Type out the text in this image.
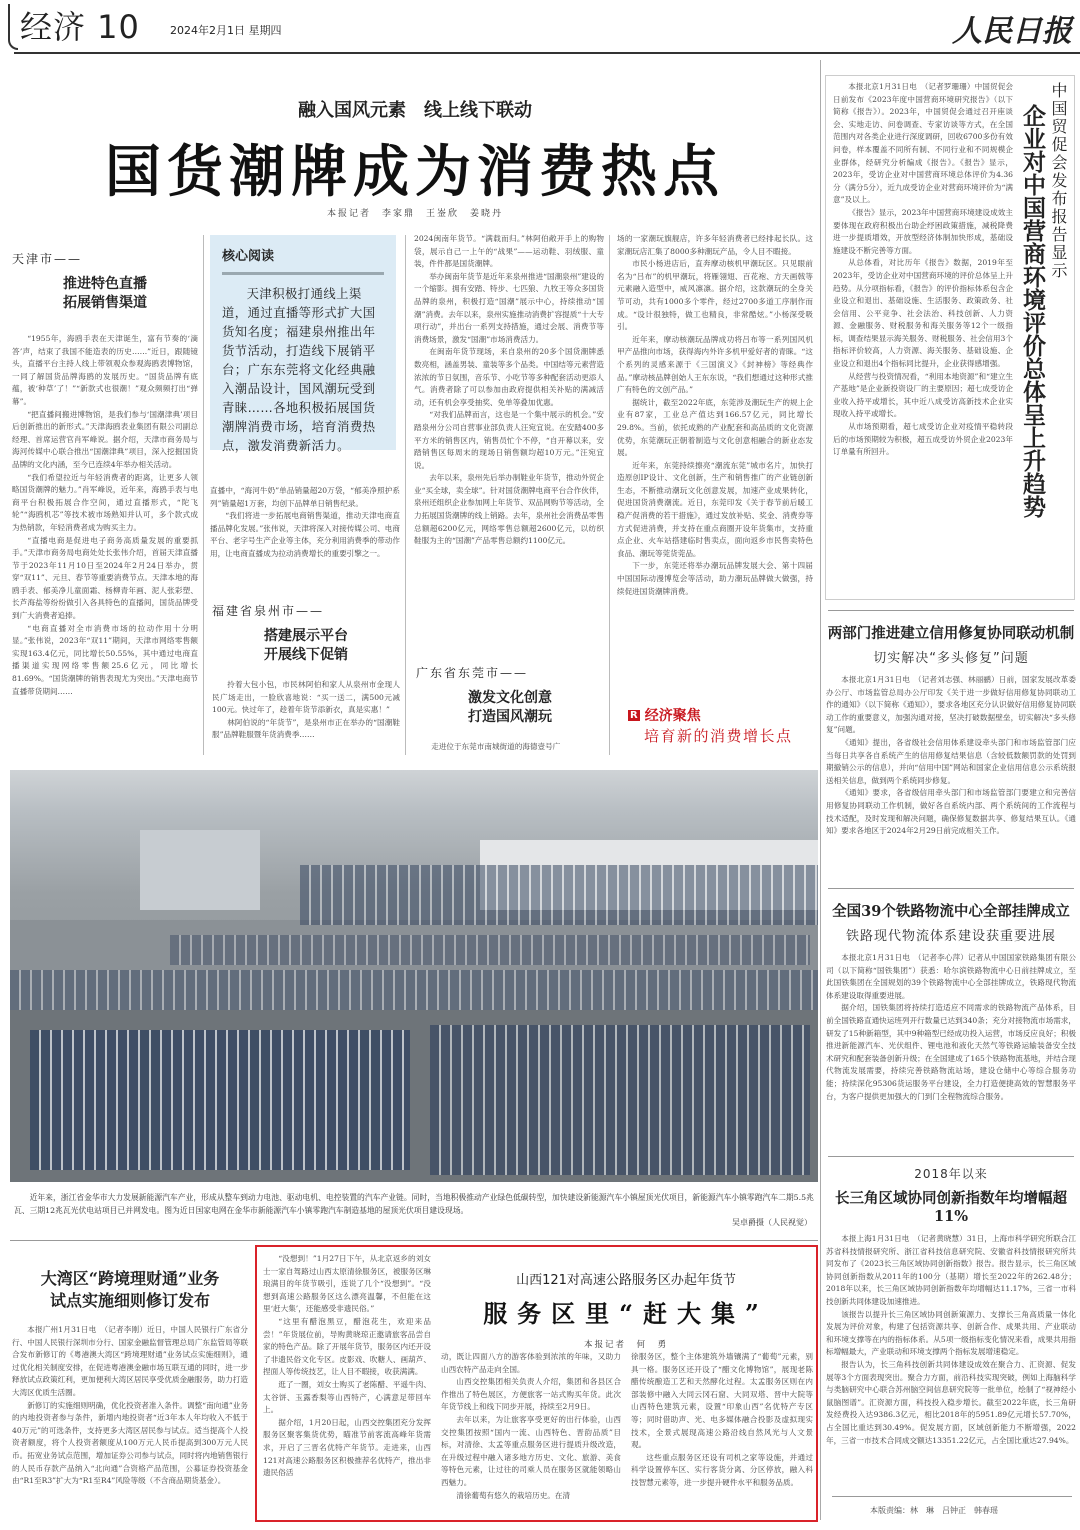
经济 10	2024年2月1日 星期四	人民日报
融入国风元素　线上线下联动
国货潮牌成为消费热点
本报记者　李家鼎　王崟欣　姜晓丹
天津市——
推进特色直播
拓展销售渠道

“1955年，海鸥手表在天津诞生，富有节奏的‘滴答’声，结束了我国不能造表的历史……”近日，跟随镜头，直播平台主持人线上带领观众参观海鸥表博物馆，一同了解国货品牌海鸥的发展历史。“国货品牌有底蕴，被‘种草’了！”“新款式也很潮！”观众频频打出“弹幕”。

“把直播间搬进博物馆，是我们参与‘国潮津典’项目后创新推出的新形式。”天津海鸥表业集团有限公司副总经理、首席运营官肖军峰说。据介绍，天津市商务局与海河传媒中心联合推出“国潮津典”项目，深入挖掘国货品牌的文化内涵，至今已连续4年举办相关活动。

“我们希望拉近与年轻消费者的距离，让更多人领略国货潮牌的魅力。”肖军峰说，近年来，海鸥手表与电商平台积极拓展合作空间，通过直播形式，“陀飞轮”“海鸥机芯”等技术被市场熟知并认可，多个款式成为热销款，年轻消费者成为购买主力。

“直播电商是促进电子商务高质量发展的重要抓手。”天津市商务局电商处处长张伟介绍，首届天津直播节于2023年11月10日至2024年2月24日举办，贯穿“双11”、元旦、春节等重要消费节点。天津本地的海鸥手表、郁美净儿童面霜、杨柳青年画、泥人张彩塑、长芦海盐等纷纷做引入各具特色的直播间，国货品牌受到广大消费者追捧。

“电商直播对全市消费市场的拉动作用十分明显。”张伟说，2023年“双11”期间，天津市网络零售额实现163.4亿元，同比增长50.55%，其中通过电商直播渠道实现网络零售额25.6亿元，同比增长81.69%。“国货潮牌的销售表现尤为突出。”天津电商节直播带货期间……

核心阅读
天津积极打通线上渠道，通过直播等形式扩大国货知名度；福建泉州推出年货节活动，打造线下展销平台；广东东莞将文化经典融入潮品设计，国风潮玩受到青睐……各地积极拓展国货潮牌消费市场，培育消费热点，激发消费新活力。

直播中，“海河牛奶”单品销量超20万袋，“郁美净照护系列”销量超1万套，均创下品牌单日销售纪录。

“我们将进一步拓展电商销售渠道，推动天津电商直播品牌化发展。”张伟说，天津将深入对接传媒公司、电商平台、老字号生产企业等主体，充分利用消费季的带动作用，让电商直播成为拉动消费增长的重要引擎之一。

福建省泉州市——
搭建展示平台
开展线下促销

拎着大包小包，市民林阿伯和家人从泉州市金现人民广场走出，一脸欣喜地说：“买一送二，满500元减100元。快过年了，趁着年货节添新衣，真是实惠！”

林阿伯说的“年货节”，是泉州市正在举办的“国潮鞋服”品牌鞋服暨年货消费季……

2024闽南年货节。“满载而归。”林阿伯敞开手上的购物袋，展示自己一上午的“战果”——运动鞋、羽绒服、童装，件件都是国货潮牌。

举办闽南年货节是近年来泉州推进“国潮泉州”建设的一个缩影。拥有安踏、特步、七匹狼、九牧王等众多国货品牌的泉州，积极打造“国潮”展示中心，持续推动“国潮”消费。去年以来，泉州实施推动消费扩容提质“十大专项行动”，并出台一系列支持措施，通过会展、消费节等消费场景，激发“国潮”市场消费活力。

在闽南年货节现场，来自泉州的20多个国货潮牌悉数亮相，涵盖男装、童装等多个品类。中国结等元素营造浓浓的节日氛围，音乐节、小吃节等多种配套活动更添人气。消费者除了可以参加由政府提供相关补贴的满减活动，还有机会享受抽奖、免单等叠加优惠。

“对我们品牌而言，这也是一个集中展示的机会。”安踏泉州分公司自营事业部负责人汪宛宜说。在安踏400多平方米的销售区内，销售员忙个不停，“自开幕以来，安踏销售区每周末的现场日销售额均超10万元。”汪宛宜说。

去年以来，泉州先后举办制鞋业年货节，推动外贸企业“买全球，卖全球”。针对国货潮牌电商平台合作伙伴，泉州还组织企业参加网上年货节、双品网购节等活动，全力拓展国货潮牌的线上销路。去年，泉州社会消费品零售总额超6200亿元，网络零售总额超2600亿元，以纺织鞋服为主的“国潮”产品零售总额约1100亿元。

广东省东莞市——
激发文化创意
打造国风潮玩

走进位于东莞市南城街道的海德壹号广

场的一家潮玩旗舰店，许多年轻消费者已经排起长队。这家潮玩店汇集了8000多种潮玩产品，令人目不暇接。

市民小杨进店后，直奔摩动核机甲潮玩区。只见眼前名为“吕布”的机甲潮玩，将雁翎翅、百花袍、方天画戟等元素融入造型中，威风凛凛。据介绍，这款潮玩的全身关节可动，共有1000多个零件，经过2700多道工序制作而成。“设计很独特，做工也精良，非常酷炫。”小杨深受吸引。

近年来，摩动核潮玩品牌成功将吕布等一系列国风机甲产品推向市场，获得海内外许多机甲爱好者的青睐。“这个系列的灵感来源于《三国演义》《封神榜》等经典作品。”摩动核品牌创始人王东东说，“我们想通过这种形式推广有特色的文创产品。”

据统计，截至2022年底，东莞涉及潮玩生产的规上企业有87家，工业总产值达到166.57亿元，同比增长29.8%。当前，依托成熟的产业配套和高品质的文化资源优势，东莞潮玩正朝着制造与文化创意相融合的新业态发展。

近年来，东莞持续擦亮“潮流东莞”城市名片，加快打造原创IP设计、文化创新，生产和销售推广的产业链创新生态，不断推动潮玩文化创意发展，加速产业成果转化，促进国货消费潮流。近日，东莞印发《关于春节前后暖工稳产促消费的若干措施》，通过发放补贴、奖金、消费券等方式促进消费，并支持在重点商圈开设年货集市，支持重点企业、火车站搭建临时售卖点，面向返乡市民售卖特色食品、潮玩等莞货莞品。

下一步，东莞还将举办潮玩品牌发展大会、第十四届中国国际动漫博览会等活动，助力潮玩品牌做大做强，持续促进国货潮牌消费。

R 经济聚焦
培育新的消费增长点

本报北京1月31日电　（记者罗珊珊）中国贸促会日前发布《2023年度中国营商环境研究报告》（以下简称《报告》）。2023年，中国贸促会通过召开座谈会、实地走访、问卷调查、专家访谈等方式，在全国范围内对各类企业进行深度调研，回收6700多份有效问卷，样本覆盖不同所有制、不同行业和不同规模企业群体，经研究分析编成《报告》。《报告》显示，2023年，受访企业对中国营商环境总体评价为4.36分（满分5分），近九成受访企业对营商环境评价为“满意”及以上。

《报告》显示，2023年中国营商环境建设成效主要体现在政府积极出台助企纾困政策措施，减税降费进一步提质增效，开放型经济体制加快形成，基础设施建设不断完善等方面。

从总体看，对比历年《报告》数据，2019年至2023年，受访企业对中国营商环境的评价总体呈上升趋势。从分项指标看，《报告》的评价指标体系包含企业设立和退出、基础设施、生活服务、政策政务、社会信用、公平竞争、社会法治、科技创新、人力资源、金融服务、财税服务和海关服务等12个一级指标，调查结果显示海关服务、财税服务、社会信用3个指标评价较高，人力资源、海关服务、基础设施、企业设立和退出4个指标同比提升，企业获得感增强。

从经营与投资情况看，“利用本地资源”和“建立生产基地”是企业新投资设厂的主要原因；超七成受访企业收入持平或增长，其中近八成受访高新技术企业实现收入持平或增长。

从市场预期看，超七成受访企业对疫情平稳转段后的市场预期较为积极，超五成受访外贸企业2023年订单量有所回升。

中国贸促会发布报告显示
企业对中国营商环境评价总体呈上升趋势
两部门推进建立信用修复协同联动机制
切实解决“多头修复”问题

本报北京1月31日电　（记者刘志强、林丽鹂）日前，国家发展改革委办公厅、市场监管总局办公厅印发《关于进一步做好信用修复协同联动工作的通知》（以下简称《通知》），要求各地区充分认识做好信用修复协同联动工作的重要意义，加强沟通对接，坚决打破数据壁垒，切实解决“多头修复”问题。

《通知》提出，各省级社会信用体系建设牵头部门和市场监管部门应当每日共享各自系统产生的信用修复结果信息（含较低数额罚款的处罚到期撤销公示的信息），并向“信用中国”网站和国家企业信用信息公示系统报送相关信息，做到两个系统同步修复。

《通知》要求，各省级信用牵头部门和市场监管部门要建立和完善信用修复协同联动工作机制，做好各自系统内部、两个系统间的工作流程与技术适配，及时发现和解决问题，确保修复数据共享、修复结果互认。《通知》要求各地区于2024年2月29日前完成相关工作。

全国39个铁路物流中心全部挂牌成立
铁路现代物流体系建设获重要进展

本报北京1月31日电　（记者李心萍）记者从中国国家铁路集团有限公司（以下简称“国铁集团”）获悉：哈尔滨铁路物流中心日前挂牌成立，至此国铁集团在全国规划的39个铁路物流中心全部挂牌成立，铁路现代物流体系建设取得重要进展。

据介绍，国铁集团将持续打造适应不同需求的铁路物流产品体系，目前全国铁路直通快运班列开行数量已达到340条；充分对接物流市场需求，研发了15种新箱型，其中9种箱型已经成功投入运营，市场反应良好；积极推进新能源汽车、光伏组件、锂电池和液化天然气等铁路运输装备安全技术研究和配套装备创新升级；在全国建成了165个铁路物流基地，并结合现代物流发展需要，持续完善铁路物流站场，建设仓储中心等综合服务功能；持续深化95306货运服务平台建设，全力打造便捷高效的智慧服务平台，为客户提供更加强大的门到门全程物流综合服务。

2018年以来
长三角区域协同创新指数年均增幅超11%

本报上海1月31日电　（记者黄晓慧）31日，上海市科学研究所联合江苏省科技情报研究所、浙江省科技信息研究院、安徽省科技情报研究所共同发布了《2023长三角区域协同创新指数》报告。报告显示，长三角区域协同创新指数从2011年的100分（基期）增长至2022年的262.48分；2018年以来，长三角区域协同创新指数年均增幅达11.17%，三省一市科技创新共同体建设加速推进。

该报告以提升长三角区域协同创新策源力、支撑长三角高质量一体化发展为评价对象，构建了包括资源共享、创新合作、成果共用、产业联动和环境支撑等在内的指标体系。从5项一级指标变化情况来看，成果共用指标增幅最大，产业联动和环境支撑两个指标发展增速稳定。

报告认为，长三角科技创新共同体建设成效在聚合力、汇资源、促发展等3个方面表现突出。聚合力方面，前沿科技实现突破，例如上海脑科学与类脑研究中心联合苏州脑空间信息研究院等一批单位，绘制了“视神经小鼠脑图谱”。汇资源方面，科技投入稳步增长。截至2022年底，长三角研发经费投入达9386.3亿元，相比2018年的5951.89亿元增长57.70%，占全国比重达到30.49%。促发展方面，区域创新能力不断增强，2022年，三省一市技术合同成交额达13351.22亿元，占全国比重达27.94%。

本版责编：林　琳　吕钟正　韩春瑶
近年来，浙江省金华市大力发展新能源汽车产业，形成从整车到动力电池、驱动电机、电控装置的汽车产业链。同时，当地积极推动产业绿色低碳转型，加快建设新能源汽车小镇屋顶光伏项目，新能源汽车小镇零跑汽车二期5.5兆瓦、三期12兆瓦光伏电站项目已并网发电。图为近日国家电网在金华市新能源汽车小镇零跑汽车制造基地的屋顶光伏项目建设现场。
吴卓爵摄（人民视觉）
大湾区“跨境理财通”业务
试点实施细则修订发布

本报广州1月31日电　（记者李刚）近日，中国人民银行广东省分行、中国人民银行深圳市分行、国家金融监督管理总局广东监管局等联合发布新修订的《粤港澳大湾区“跨境理财通”业务试点实施细则》，通过优化相关制度安排，在促进粤港澳金融市场互联互通的同时，进一步释放试点政策红利，更加便利大湾区居民享受优质金融服务，助力打造大湾区优质生活圈。

新修订的实施细则明确，优化投资者准入条件。调整“南向通”业务的内地投资者参与条件，新增内地投资者“近3年本人年均收入不低于40万元”的可选条件，支持更多大湾区居民参与试点。适当提高个人投资者额度，将个人投资者额度从100万元人民币提高到300万元人民币。拓宽业务试点范围，增加证券公司参与试点，同时将内地销售银行的人民币存款产品纳入“北向通”合资格产品范围，公募证券投资基金由“R1至R3”扩大为“R1至R4”风险等级（不含商品期货基金）。

“没想到！”1月27日下午，从北京返乡的刘女士一家自驾路过山西太原清徐服务区，被服务区琳琅满目的年货节吸引，连说了几个“没想到”。“没想到高速公路服务区这么漂亮温馨，不但能在这里‘赶大集’，还能感受非遗民俗。”

“这里有醋泡黑豆，醋泡花生，欢迎来品尝！”年货展位前，导购黄晓琼正邀请旅客品尝自家的特色产品。除了开展年货节，服务区内还开设了非遗民俗文化专区。皮影戏、吹糖人、画葫芦、捏面人等传统技艺，让人目不暇接，收获满满。

逛了一圈，刘女士购买了老陈醋、平遥牛肉、太谷饼、玉露香梨等山西特产，心满意足带回车上。

据介绍，1月20日起，山西交控集团充分发挥服务区聚客集货优势，瞄准节前客流高峰年货需求，开启了三晋名优特产年货节。走进来，山西121对高速公路服务区积极推荐名优特产，推出非遗民俗活

山西121对高速公路服务区办起年货节
服务区里“赶大集”
本报记者　何　勇

动，既让四面八方的游客体验到浓浓的年味，又助力山西农特产品走向全国。

山西交控集团相关负责人介绍，集团和各县区合作推出了特色展区，方便旅客一站式购买年货。此次年货节线上和线下同步开展，持续至2月9日。

去年以来，为让旅客享受更好的出行体验，山西交控集团按照“国内一流、山西特色、晋韵品质”目标，对清徐、太孟等重点服务区进行提质升级改造，在升级过程中融入诸多地方历史、文化、旅游、美食等特色元素，让过往的司乘人员在服务区就能领略山西魅力。

清徐葡萄有悠久的栽培历史。在清

徐服务区，整个主体建筑外墙镶满了“葡萄”元素，别具一格。服务区还开设了“醋文化博物馆”，展现老陈醋传统酿造工艺和天然酵化过程。太孟服务区则在内部装修中融入大同云冈石窟、大同双塔、晋中大院等山西特色建筑元素，设置“印象山西”名优特产专区等；同时借助声、光、电多媒体融合投影及虚拟现实技术，全景式展现高速公路沿线自然风光与人文景观。

这些重点服务区还设有司机之家等设施，并通过科学设置停车区、实行客货分离、分区停放，融入科技智慧元素等，进一步提升硬件水平和服务品质。
